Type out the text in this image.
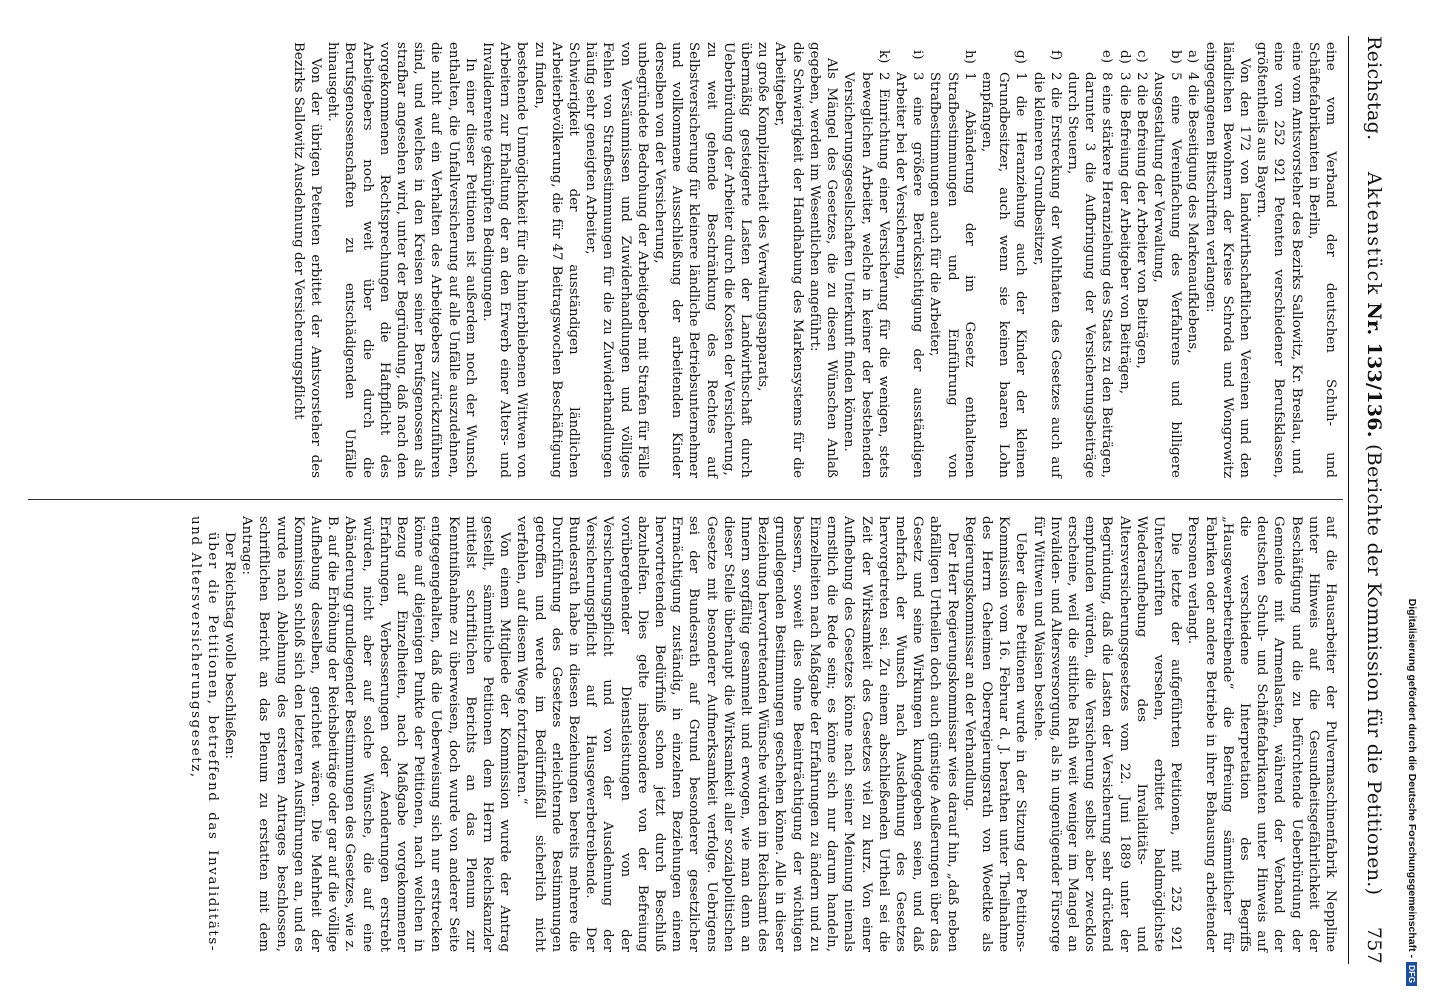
Reichstag.
Aktenstück Nr. 133/136. (Berichte der Kommission für die Petitionen.)
757

eine vom Verband der deutschen Schuh- und Schäftefabrikanten in Berlin,

eine vom Amtsvorsteher des Bezirks Sallowitz, Kr. Breslau, und

eine von 252 921 Petenten verschiedener Berufsklassen, größtentheils aus Bayern.

Von den 172 von landwirthschaftlichen Vereinen und den ländlichen Bewohnern der Kreise Schroda und Wongrowitz eingegangenen Bittschriften verlangen:

a)4 die Beseitigung des Markenaufklebens,
b)5 eine Vereinfachung des Verfahrens und billigere Ausgestaltung der Verwaltung,
c)2 die Befreiung der Arbeiter von Beiträgen,
d)3 die Befreiung der Arbeitgeber von Beiträgen,
e)8 eine stärkere Heranziehung des Staats zu den Beiträgen, darunter 3 die Aufbringung der Versicherungsbeiträge durch Steuern,
f)2 die Erstreckung der Wohlthaten des Gesetzes auch auf die kleineren Grundbesitzer,
g)1 die Heranziehung auch der Kinder der kleinen Grundbesitzer, auch wenn sie keinen baaren Lohn empfangen,
h)1 Abänderung der im Gesetz enthaltenen Strafbestimmungen und Einführung von Strafbestimmungen auch für die Arbeiter,
i)3 eine größere Berücksichtigung der ausständigen Arbeiter bei der Versicherung,
k)2 Einrichtung einer Versicherung für die wenigen, stets beweglichen Arbeiter, welche in keiner der bestehenden Versicherungsgesellschaften Unterkunft finden können.

Als Mängel des Gesetzes, die zu diesen Wünschen Anlaß gegeben, werden im Wesentlichen angeführt:

die Schwierigkeit der Handhabung des Markensystems für die Arbeitgeber,

zu große Kompliziertheit des Verwaltungsapparats,

übermäßig gesteigerte Lasten der Landwirthschaft durch Ueberbürdung der Arbeiter durch die Kosten der Versicherung,

zu weit gehende Beschränkung des Rechtes auf Selbstversicherung für kleinere ländliche Betriebsunternehmer und vollkommene Ausschließung der arbeitenden Kinder derselben von der Versicherung,

unbegründete Bedrohung der Arbeitgeber mit Strafen für Fälle von Versäumnissen und Zuwiderhandlungen und völliges Fehlen von Strafbestimmungen für die zu Zuwiderhandlungen häufig sehr geneigten Arbeiter,

Schwierigkeit der ausständigen ländlichen Arbeiterbevölkerung, die für 47 Beitragswochen Beschäftigung zu finden,

bestehende Unmöglichkeit für die hinterbliebenen Wittwen von Arbeitern zur Erhaltung der an den Erwerb einer Alters- und Invalidenrente geknüpften Bedingungen.

In einer dieser Petitionen ist außerdem noch der Wunsch enthalten, die Unfallversicherung auf alle Unfälle auszudehnen, die nicht auf ein Verhalten des Arbeitgebers zurückzuführen sind, und welches in den Kreisen seiner Berufsgenossen als strafbar angesehen wird, unter der Begründung, daß nach den vorgekommenen Rechtsprechungen die Haftpflicht des Arbeitgebers noch weit über die durch die Berufsgenossenschaften zu entschädigenden Unfälle hinausgeht.

Von der übrigen Petenten erbittet der Amtsvorsteher des Bezirks Sallowitz Ausdehnung der Versicherungspflicht

auf die Hausarbeiter der Pulvermaschinenfabrik Neppline unter Hinweis auf die Gesundheitsgefährlichkeit der Beschäftigung und die zu befürchtende Ueberbürdung der Gemeinde mit Armenlasten, während der Verband der deutschen Schuh- und Schäftefabrikanten unter Hinweis auf die verschiedene Interpretation des Begriffs „Hausgewerbetreibende“ die Befreiung sämmtlicher für Fabriken oder andere Betriebe in ihrer Behausung arbeitender Personen verlangt.

Die letzte der aufgeführten Petitionen, mit 252 921 Unterschriften versehen, erbittet baldmöglichste Wiederaufhebung des Invaliditäts- und Altersversicherungsgesetzes vom 22. Juni 1889 unter der Begründung, daß die Lasten der Versicherung sehr drückend empfunden würden, die Versicherung selbst aber zwecklos erscheine, weil die sittliche Rath weit weniger im Mangel an Invaliden- und Altersversorgung, als in ungenügender Fürsorge für Wittwen und Waisen bestehe.

Ueber diese Petitionen wurde in der Sitzung der Petitions-Kommission vom 16. Februar d. J. berathen unter Theilnahme des Herrn Geheimen Oberregierungsrath von Woedtke als Regierungskommissar an der Verhandlung.

Der Herr Regierungskommissar wies darauf hin, „daß neben abfälligen Urtheilen doch auch günstige Aeußerungen über das Gesetz und seine Wirkungen kundgegeben seien, und daß mehrfach der Wunsch nach Ausdehnung des Gesetzes hervorgetreten sei. Zu einem abschließenden Urtheil sei die Zeit der Wirksamkeit des Gesetzes viel zu kurz. Von einer Aufhebung des Gesetzes könne nach seiner Meinung niemals ernstlich die Rede sein; es könne sich nur darum handeln, Einzelheiten nach Maßgabe der Erfahrungen zu ändern und zu bessern, soweit dies ohne Beeinträchtigung der wichtigen grundlegenden Bestimmungen geschehen könne. Alle in dieser Beziehung hervortretenden Wünsche würden im Reichsamt des Innern sorgfältig gesammelt und erwogen, wie man denn an dieser Stelle überhaupt die Wirksamkeit aller sozialpolitischen Gesetze mit besonderer Aufmerksamkeit verfolge. Uebrigens sei der Bundesrath auf Grund besonderer gesetzlicher Ermächtigung zuständig, in einzelnen Beziehungen einem hervortretenden Bedürfniß schon jetzt durch Beschluß abzuhelfen. Dies gelte insbesondere von der Befreiung vorübergehender Dienstleistungen von der Versicherungspflicht und von der Ausdehnung der Versicherungspflicht auf Hausgewerbetreibende. Der Bundesrath habe in diesen Beziehungen bereits mehrere die Durchführung des Gesetzes erleichternde Bestimmungen getroffen und werde im Bedürfnißfall sicherlich nicht verfehlen, auf diesem Wege fortzufahren.“

Von einem Mitgliede der Kommission wurde der Antrag gestellt, sämmtliche Petitionen dem Herrn Reichskanzler mittelst schriftlichen Berichts an das Plenum zur Kenntnißnahme zu überweisen, doch wurde von anderer Seite entgegengehalten, daß die Ueberweisung sich nur erstrecken könne auf diejenigen Punkte der Petitionen, nach welchen in Bezug auf Einzelheiten, nach Maßgabe vorgekommener Erfahrungen, Verbesserungen oder Aenderungen erstrebt würden, nicht aber auf solche Wünsche, die auf eine Abänderung grundlegender Bestimmungen des Gesetzes, wie z. B. auf die Erhöhung der Reichsbeiträge oder gar auf die völlige Aufhebung desselben, gerichtet wären. Die Mehrheit der Kommission schloß sich den letzteren Ausführungen an, und es wurde nach Ablehnung des ersteren Antrages beschlossen, schriftlichen Bericht an das Plenum zu erstatten mit dem Antrage:

Der Reichstag wolle beschließen:

über die Petitionen, betreffend das Invaliditäts- und Altersversicherungsgesetz,	Digitalisierung gefördert durch die Deutsche Forschungsgemeinschaft -DFG
